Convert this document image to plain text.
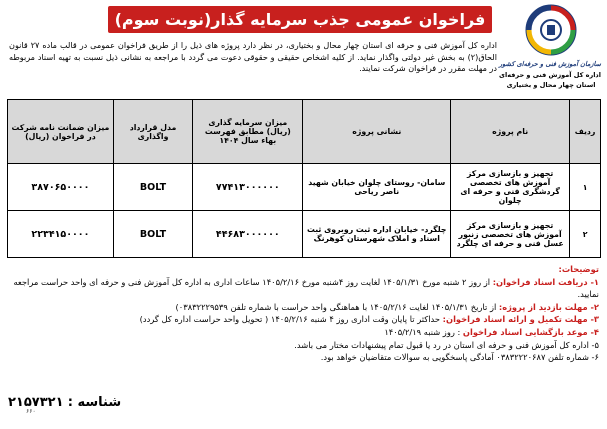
فراخوان عمومی جذب سرمایه گذار(نوبت سوم)
سازمان آموزش فنی و حرفه‌ای کشور
اداره کل آموزش فنی و حرفه‌ای
استان چهار محال و بختیاری

اداره کل آموزش فنی و حرفه ای استان چهار محال و بختیاری، در نظر دارد پروژه های ذیل را از طریق فراخوان عمومی در قالب ماده ۲۷ قانون الحاق(۲) به بخش غیر دولتی واگذار نماید. از کلیه اشخاص حقیقی و حقوقی دعوت می گردد با مراجعه به نشانی ذیل نسبت به تهیه اسناد مربوطه در مهلت مقرر در فراخوان شرکت نمایند.

ردیف	نام پروژه	نشانی پروژه	میزان سرمایه گذاری (ریال) مطابق فهرست بهاء سال ۱۴۰۴	مدل قرارداد واگذاری	میزان ضمانت نامه شرکت در فراخوان (ریال)
۱	تجهیز و بازسازی مرکز آموزش های تخصصی گردشگری فنی و حرفه ای چلوان	سامان- روستای چلوان خیابان شهید ناصر ریاحی	۷۷۴۱۳۰۰۰۰۰۰	BOLT	۳۸۷۰۶۵۰۰۰۰
۲	تجهیز و بازسازی مرکز آموزش های تخصصی زنبور عسل فنی و حرفه ای چلگرد	چلگرد- خیابان اداره ثبت روبروی ثبت اسناد و املاک شهرستان کوهرنگ	۴۴۶۸۳۰۰۰۰۰۰	BOLT	۲۲۳۴۱۵۰۰۰۰
توضیحات:
۱- دریافت اسناد فراخوان: از روز ۲ شنبه مورخ ۱۴۰۵/۱/۳۱ لغایت روز ۴شنبه مورخ ۱۴۰۵/۲/۱۶ ساعات اداری به اداره کل آموزش فنی و حرفه ای واحد حراست مراجعه نمایید.
۲- مهلت بازدید از پروژه: از تاریخ ۱۴۰۵/۱/۳۱ لغایت ۱۴۰۵/۲/۱۶ با هماهنگی واحد حراست با شماره تلفن ۰۳۸۳۲۲۲۹۵۳۹)
۳- مهلت تکمیل و ارائه اسناد فراخوان: حداکثر تا پایان وقت اداری روز ۴ شنبه ۱۴۰۵/۲/۱۶ ( تحویل واحد حراست اداره کل گردد)
۴- موعد بازگشایی اسناد فراخوان : روز شنبه ۱۴۰۵/۲/۱۹
۵- اداره کل آموزش فنی و حرفه ای استان در رد یا قبول تمام پیشنهادات مختار می باشد.
۶- شماره تلفن ۰۳۸۳۲۲۲۰۶۸۷ آمادگی پاسخگویی به سوالات متقاضیان خواهد بود.
شناسه : ۲۱۵۷۳۲۱
۶۶۰
